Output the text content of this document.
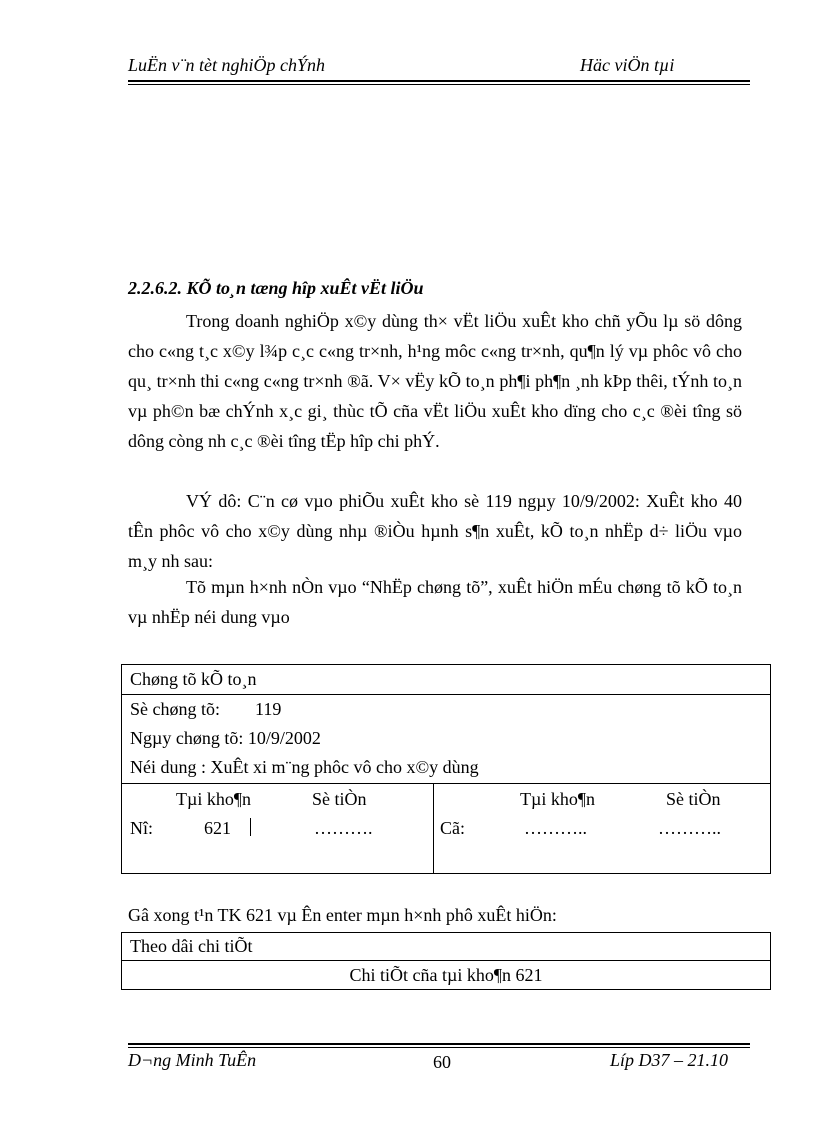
LuËn v¨n tèt nghiÖp chÝnh	Häc viÖn tµi
2.2.6.2. KÕ to¸n tæng hîp xuÊt vËt liÖu
Trong doanh nghiÖp x©y dùng th× vËt liÖu xuÊt kho chñ yÕu lµ sö dông cho c«ng t¸c x©y l¾p c¸c c«ng tr×nh, h¹ng môc c«ng tr×nh, qu¶n lý vµ phôc vô cho qu¸ tr×nh thi c«ng c«ng tr×nh ®ã. V× vËy kÕ to¸n ph¶i ph¶n ¸nh kÞp thêi, tÝnh to¸n vµ ph©n bæ chÝnh x¸c gi¸ thùc tÕ cña vËt liÖu xuÊt kho dïng cho c¸c ®èi tîng sö dông còng nh c¸c ®èi tîng tËp hîp chi phÝ.
VÝ dô: C¨n cø vµo phiÕu xuÊt kho sè 119 ngµy 10/9/2002: XuÊt kho 40 tÊn phôc vô cho x©y dùng nhµ ®iÒu hµnh s¶n xuÊt, kÕ to¸n nhËp d÷ liÖu vµo m¸y nh sau:
Tõ mµn h×nh nÒn vµo “NhËp chøng tõ”, xuÊt hiÖn mÉu chøng tõ kÕ to¸n vµ nhËp néi dung vµo
Chøng tõ kÕ to¸n
Sè chøng tõ: 119
Ngµy chøng tõ: 10/9/2002
Néi dung : XuÊt xi m¨ng phôc vô cho x©y dùng
Tµi kho¶n	Sè tiÒn
Nî:	621	……….
Tµi kho¶n	Sè tiÒn
Cã:	………..	………..
Gâ xong t¹n TK 621 vµ Ên enter mµn h×nh phô xuÊt hiÖn:
Theo dâi chi tiÕt
Chi tiÕt cña tµi kho¶n 621
D¬ng Minh TuÊn	60	Líp D37 – 21.10
